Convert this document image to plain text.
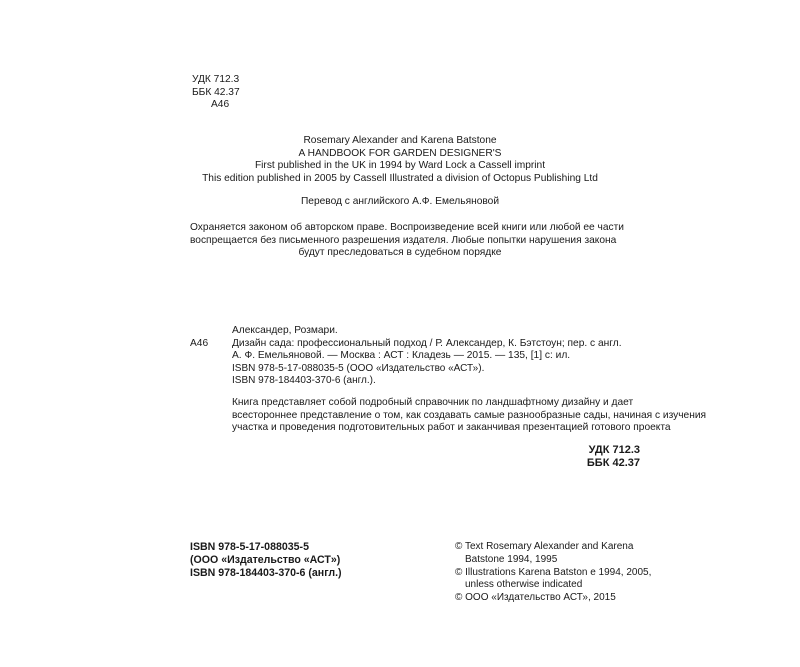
УДК 712.3
ББК 42.37
А46
Rosemary Alexander and Karena Batstone
A HANDBOOK FOR GARDEN DESIGNER'S
First published in the UK in 1994 by Ward Lock a Cassell imprint
This edition published in 2005 by Cassell Illustrated a division of Octopus Publishing Ltd
Перевод с английского А.Ф. Емельяновой
Охраняется законом об авторском праве. Воспроизведение всей книги или любой ее части
воспрещается без письменного разрешения издателя. Любые попытки нарушения закона
будут преследоваться в судебном порядке
Александер, Розмари.
А46	Дизайн сада: профессиональный подход / Р. Александер, К. Бэтстоун; пер. с англ.
А. Ф. Емельяновой. — Москва : АСТ : Кладезь — 2015. — 135, [1] с: ил.
ISBN 978-5-17-088035-5 (ООО «Издательство «АСТ»).
ISBN 978-184403-370-6 (англ.).
Книга представляет собой подробный справочник по ландшафтному дизайну и дает
всестороннее представление о том, как создавать самые разнообразные сады, начиная с изучения
участка и проведения подготовительных работ и заканчивая презентацией готового проекта
УДК 712.3
ББК 42.37
ISBN 978-5-17-088035-5
(ООО «Издательство «АСТ»)
ISBN 978-184403-370-6 (англ.)
© Text Rosemary Alexander and Karena
Batstone 1994, 1995
© Illustrations Karena Batston e 1994, 2005,
unless otherwise indicated
© ООО «Издательство АСТ», 2015
